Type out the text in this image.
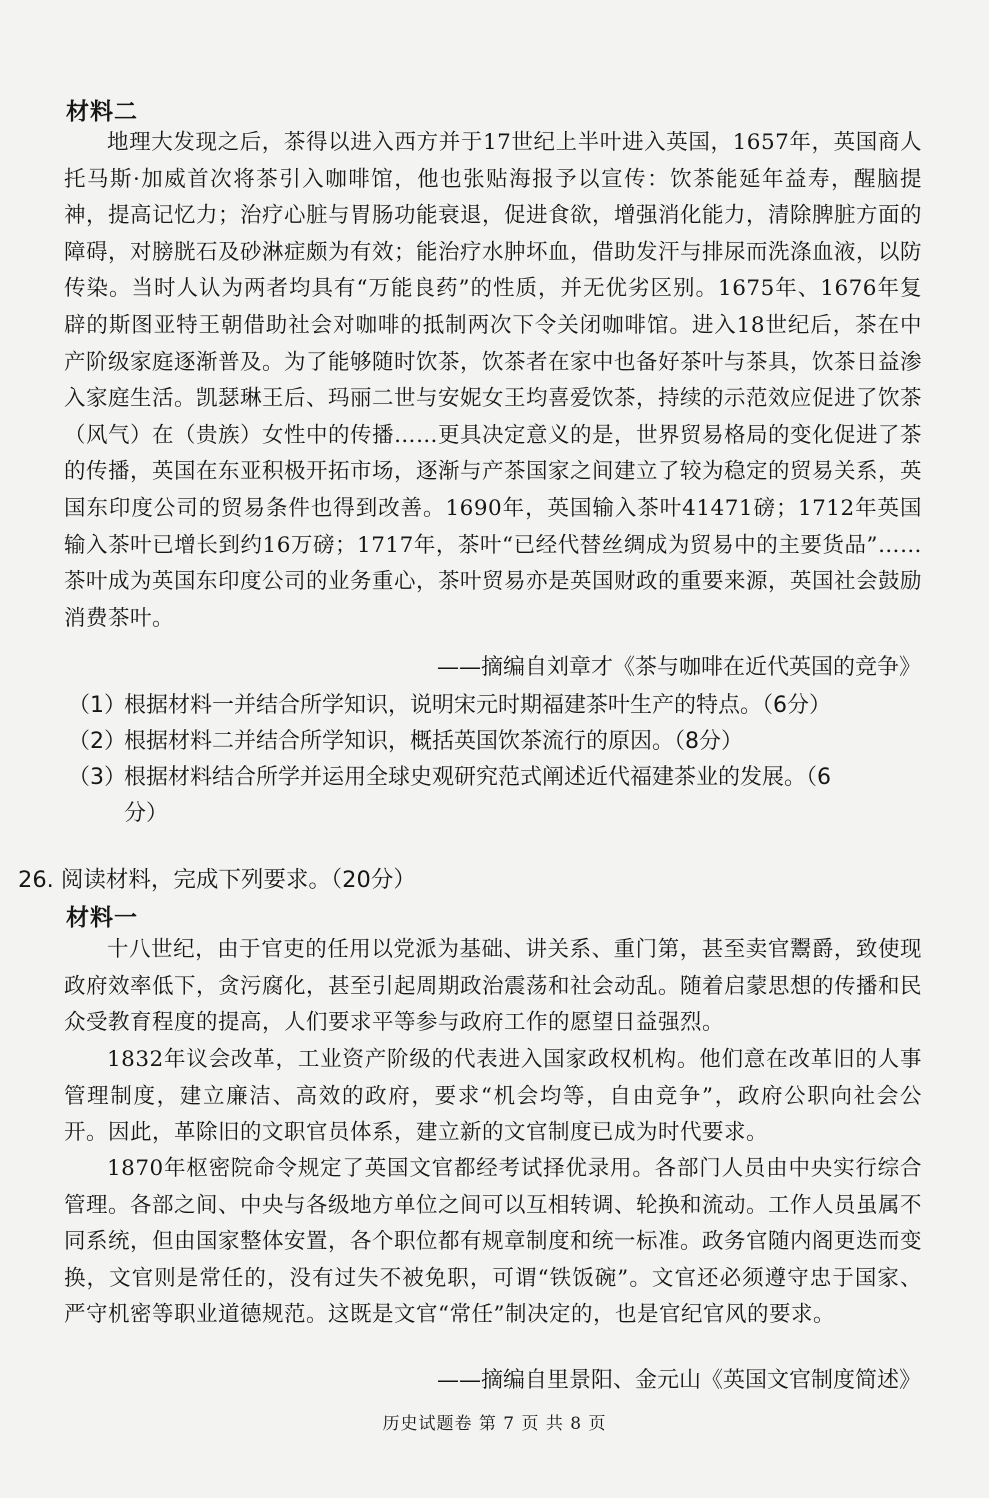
材料二
地理大发现之后，茶得以进入西方并于17世纪上半叶进入英国，1657年，英国商人托马斯·加威首次将茶引入咖啡馆，他也张贴海报予以宣传：饮茶能延年益寿，醒脑提神，提高记忆力；治疗心脏与胃肠功能衰退，促进食欲，增强消化能力，清除脾脏方面的障碍，对膀胱石及砂淋症颇为有效；能治疗水肿坏血，借助发汗与排尿而洗涤血液，以防传染。当时人认为两者均具有“万能良药”的性质，并无优劣区别。1675年、1676年复辟的斯图亚特王朝借助社会对咖啡的抵制两次下令关闭咖啡馆。进入18世纪后，茶在中产阶级家庭逐渐普及。为了能够随时饮茶，饮茶者在家中也备好茶叶与茶具，饮茶日益渗入家庭生活。凯瑟琳王后、玛丽二世与安妮女王均喜爱饮茶，持续的示范效应促进了饮茶（风气）在（贵族）女性中的传播……更具决定意义的是，世界贸易格局的变化促进了茶的传播，英国在东亚积极开拓市场，逐渐与产茶国家之间建立了较为稳定的贸易关系，英国东印度公司的贸易条件也得到改善。1690年，英国输入茶叶41471磅；1712年英国输入茶叶已增长到约16万磅；1717年，茶叶“已经代替丝绸成为贸易中的主要货品”……茶叶成为英国东印度公司的业务重心，茶叶贸易亦是英国财政的重要来源，英国社会鼓励消费茶叶。
——摘编自刘章才《茶与咖啡在近代英国的竞争》
（1）根据材料一并结合所学知识，说明宋元时期福建茶叶生产的特点。（6分）
（2）根据材料二并结合所学知识，概括英国饮茶流行的原因。（8分）
（3）根据材料结合所学并运用全球史观研究范式阐述近代福建茶业的发展。（6
分）
26. 阅读材料，完成下列要求。（20分）
材料一
十八世纪，由于官吏的任用以党派为基础、讲关系、重门第，甚至卖官鬻爵，致使现政府效率低下，贪污腐化，甚至引起周期政治震荡和社会动乱。随着启蒙思想的传播和民众受教育程度的提高，人们要求平等参与政府工作的愿望日益强烈。
1832年议会改革，工业资产阶级的代表进入国家政权机构。他们意在改革旧的人事管理制度，建立廉洁、高效的政府，要求“机会均等，自由竞争”，政府公职向社会公开。因此，革除旧的文职官员体系，建立新的文官制度已成为时代要求。
1870年枢密院命令规定了英国文官都经考试择优录用。各部门人员由中央实行综合管理。各部之间、中央与各级地方单位之间可以互相转调、轮换和流动。工作人员虽属不同系统，但由国家整体安置，各个职位都有规章制度和统一标准。政务官随内阁更迭而变换，文官则是常任的，没有过失不被免职，可谓“铁饭碗”。文官还必须遵守忠于国家、严守机密等职业道德规范。这既是文官“常任”制决定的，也是官纪官风的要求。
——摘编自里景阳、金元山《英国文官制度简述》
历史试题卷 第 7 页 共 8 页
